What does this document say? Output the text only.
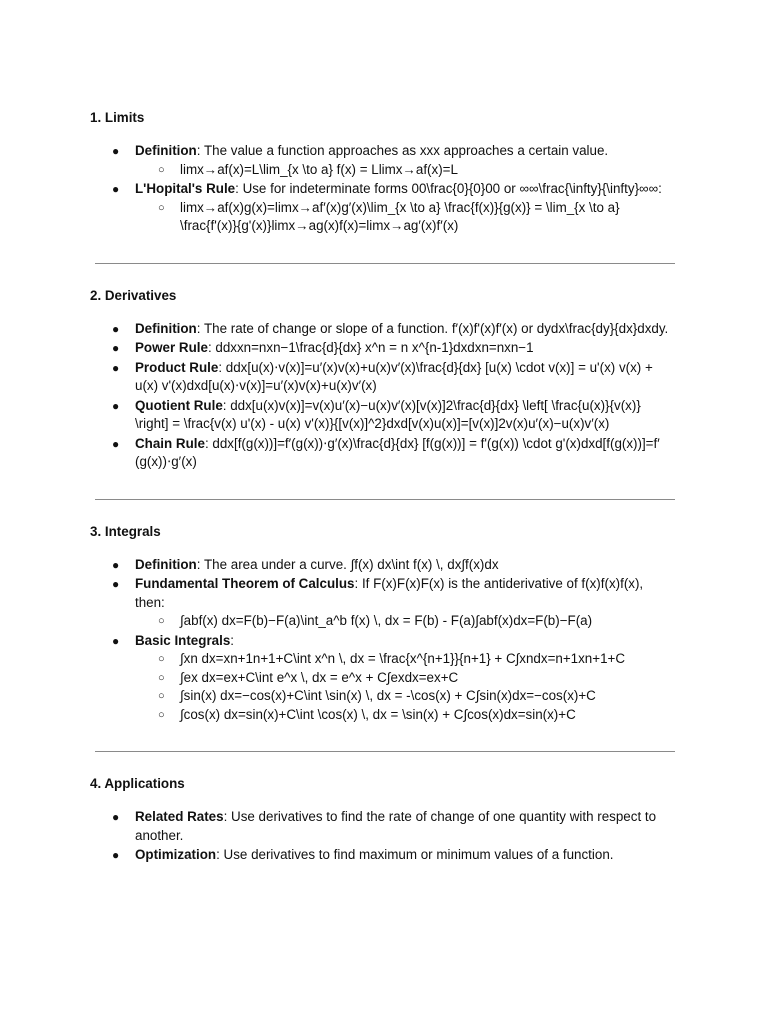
1. Limits
● Definition: The value a function approaches as xxx approaches a certain value.
○ limx→af(x)=L\lim_{x \to a} f(x) = Llimx→af(x)=L
● L'Hopital's Rule: Use for indeterminate forms 00\frac{0}{0}00 or ∞∞\frac{\infty}{\infty}∞∞:
○ limx→af(x)g(x)=limx→af′(x)g′(x)\lim_{x \to a} \frac{f(x)}{g(x)} = \lim_{x \to a} \frac{f'(x)}{g'(x)}limx→ag(x)f(x)=limx→ag′(x)f′(x)
2. Derivatives
● Definition: The rate of change or slope of a function. f′(x)f'(x)f′(x) or dydx\frac{dy}{dx}dxdy.
● Power Rule: ddxxn=nxn−1\frac{d}{dx} x^n = n x^{n-1}dxdxn=nxn−1
● Product Rule: ddx[u(x)⋅v(x)]=u′(x)v(x)+u(x)v′(x)\frac{d}{dx} [u(x) \cdot v(x)] = u'(x) v(x) + u(x) v'(x)dxd[u(x)⋅v(x)]=u′(x)v(x)+u(x)v′(x)
● Quotient Rule: ddx[u(x)v(x)]=v(x)u′(x)−u(x)v′(x)[v(x)]2\frac{d}{dx} \left[ \frac{u(x)}{v(x)} \right] = \frac{v(x) u'(x) - u(x) v'(x)}{[v(x)]^2}dxd[v(x)u(x)]=[v(x)]2v(x)u′(x)−u(x)v′(x)
● Chain Rule: ddx[f(g(x))]=f′(g(x))⋅g′(x)\frac{d}{dx} [f(g(x))] = f'(g(x)) \cdot g'(x)dxd[f(g(x))]=f′(g(x))⋅g′(x)
3. Integrals
● Definition: The area under a curve. ∫f(x) dx\int f(x) \, dx∫f(x)dx
● Fundamental Theorem of Calculus: If F(x)F(x)F(x) is the antiderivative of f(x)f(x)f(x), then:
○ ∫abf(x) dx=F(b)−F(a)\int_a^b f(x) \, dx = F(b) - F(a)∫abf(x)dx=F(b)−F(a)
● Basic Integrals:
○ ∫xn dx=xn+1n+1+C\int x^n \, dx = \frac{x^{n+1}}{n+1} + C∫xndx=n+1xn+1+C
○ ∫ex dx=ex+C\int e^x \, dx = e^x + C∫exdx=ex+C
○ ∫sin(x) dx=−cos(x)+C\int \sin(x) \, dx = -\cos(x) + C∫sin(x)dx=−cos(x)+C
○ ∫cos(x) dx=sin(x)+C\int \cos(x) \, dx = \sin(x) + C∫cos(x)dx=sin(x)+C
4. Applications
● Related Rates: Use derivatives to find the rate of change of one quantity with respect to another.
● Optimization: Use derivatives to find maximum or minimum values of a function.
